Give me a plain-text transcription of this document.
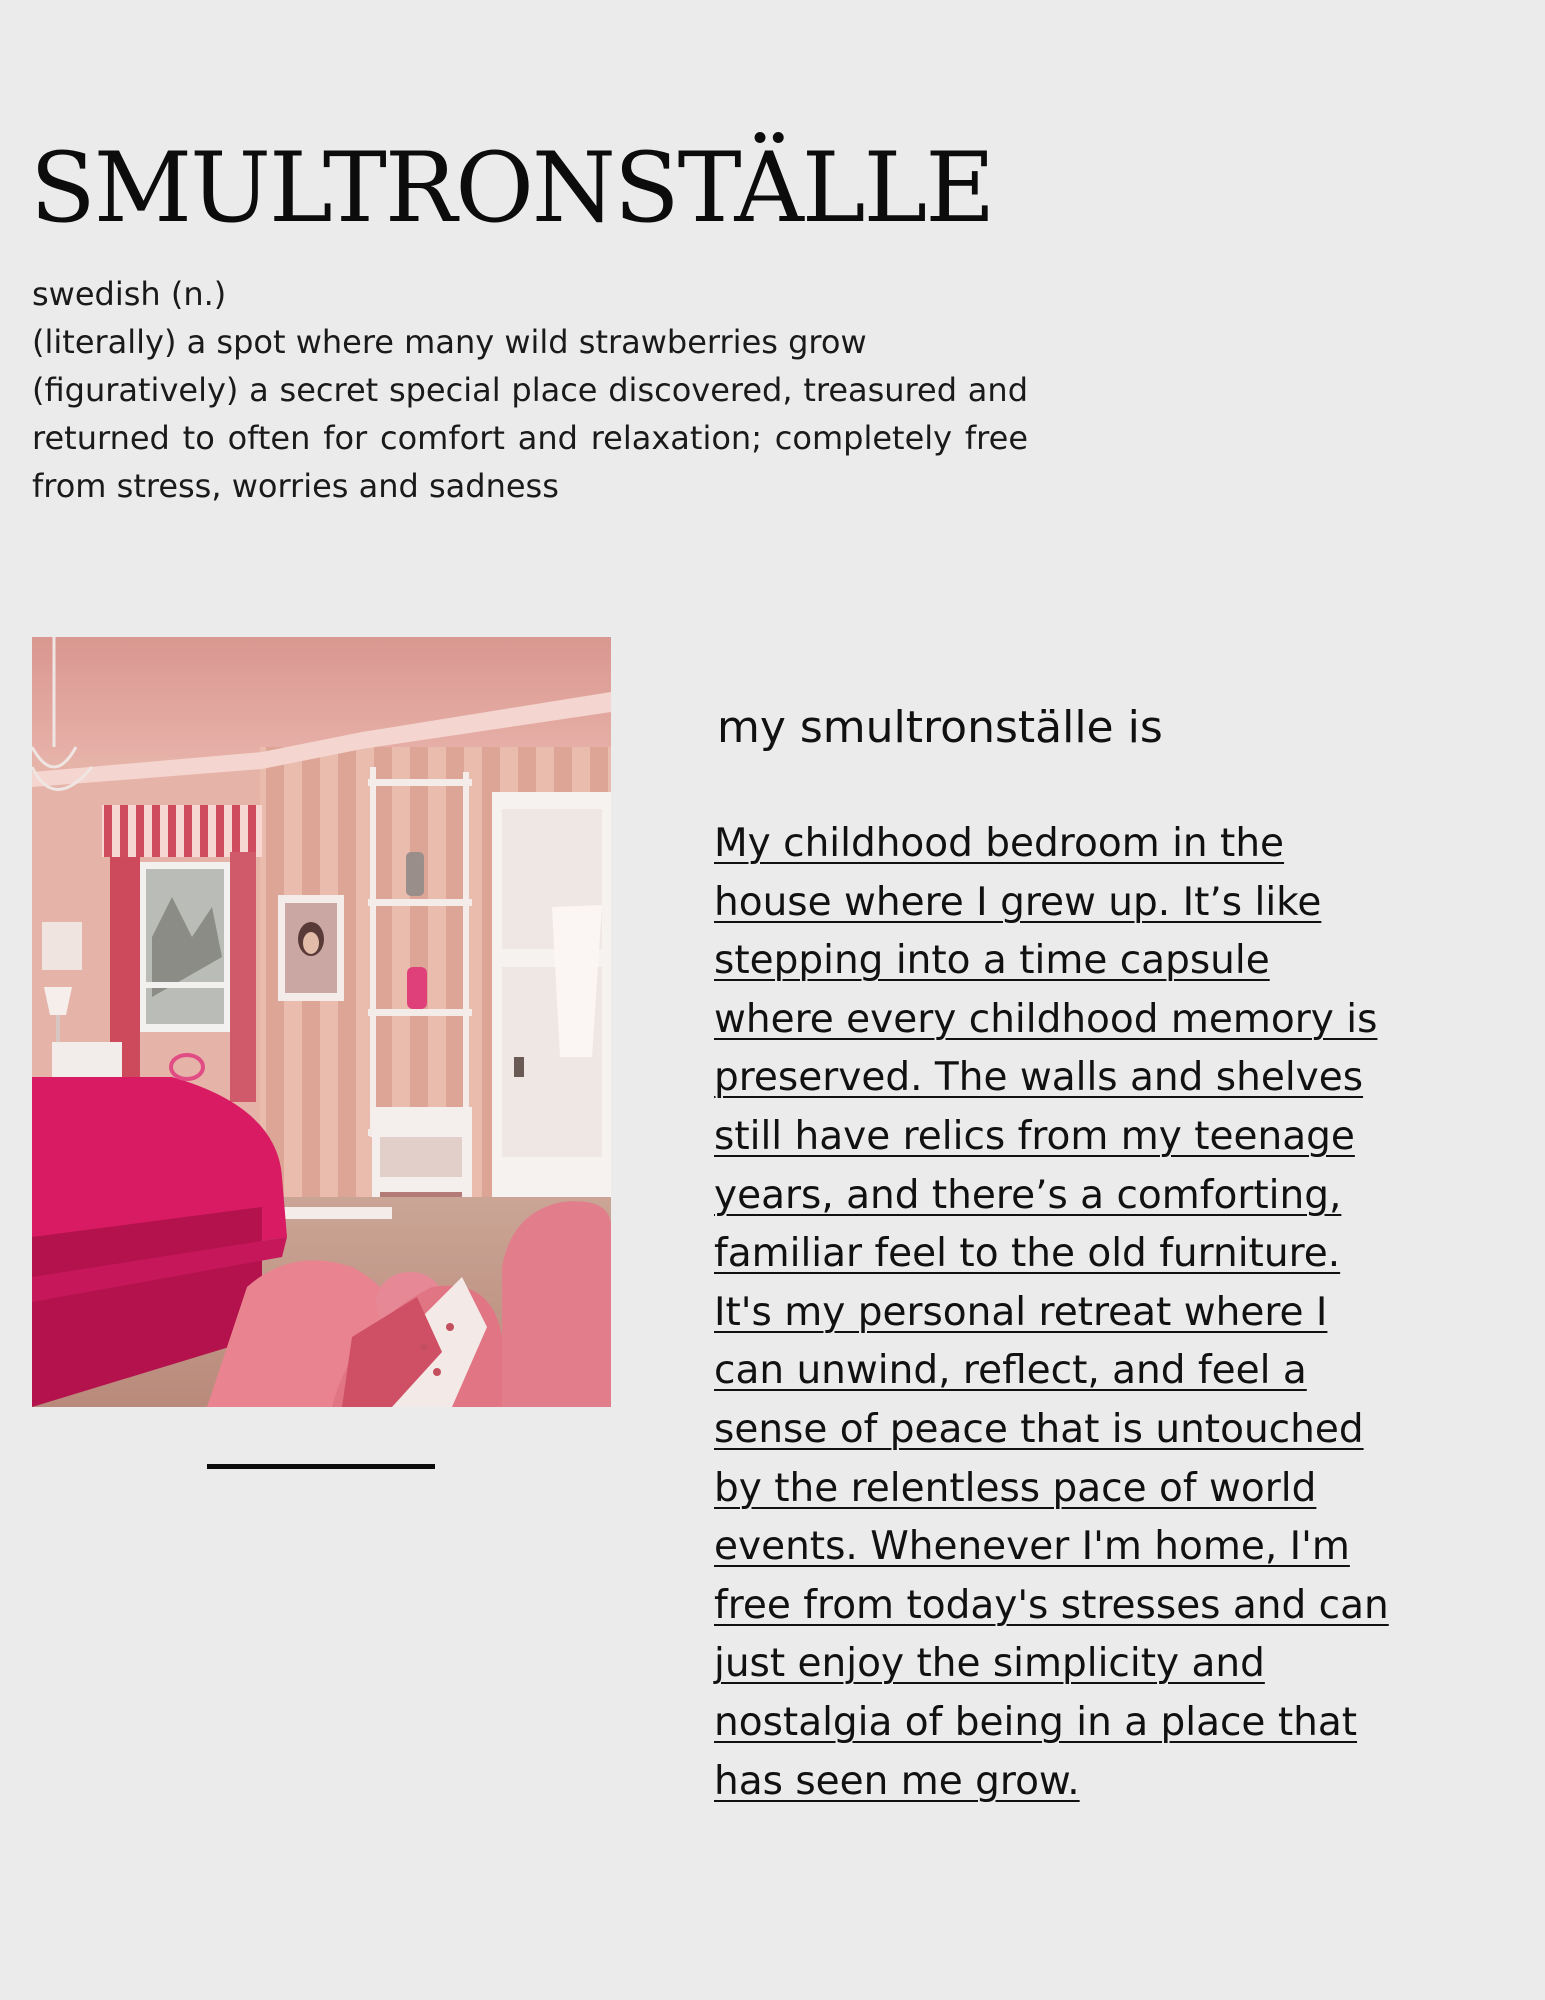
SMULTRONSTÄLLE
swedish (n.)
(literally) a spot where many wild strawberries grow
(figuratively) a secret special place discovered, treasured and returned to often for comfort and relaxation; completely free from stress, worries and sadness
my smultronställe is

My childhood bedroom in the
house where I grew up. It’s like
stepping into a time capsule
where every childhood memory is
preserved. The walls and shelves
still have relics from my teenage
years, and there’s a comforting,
familiar feel to the old furniture.
It's my personal retreat where I
can unwind, reflect, and feel a
sense of peace that is untouched
by the relentless pace of world
events. Whenever I'm home, I'm
free from today's stresses and can
just enjoy the simplicity and
nostalgia of being in a place that
has seen me grow.
